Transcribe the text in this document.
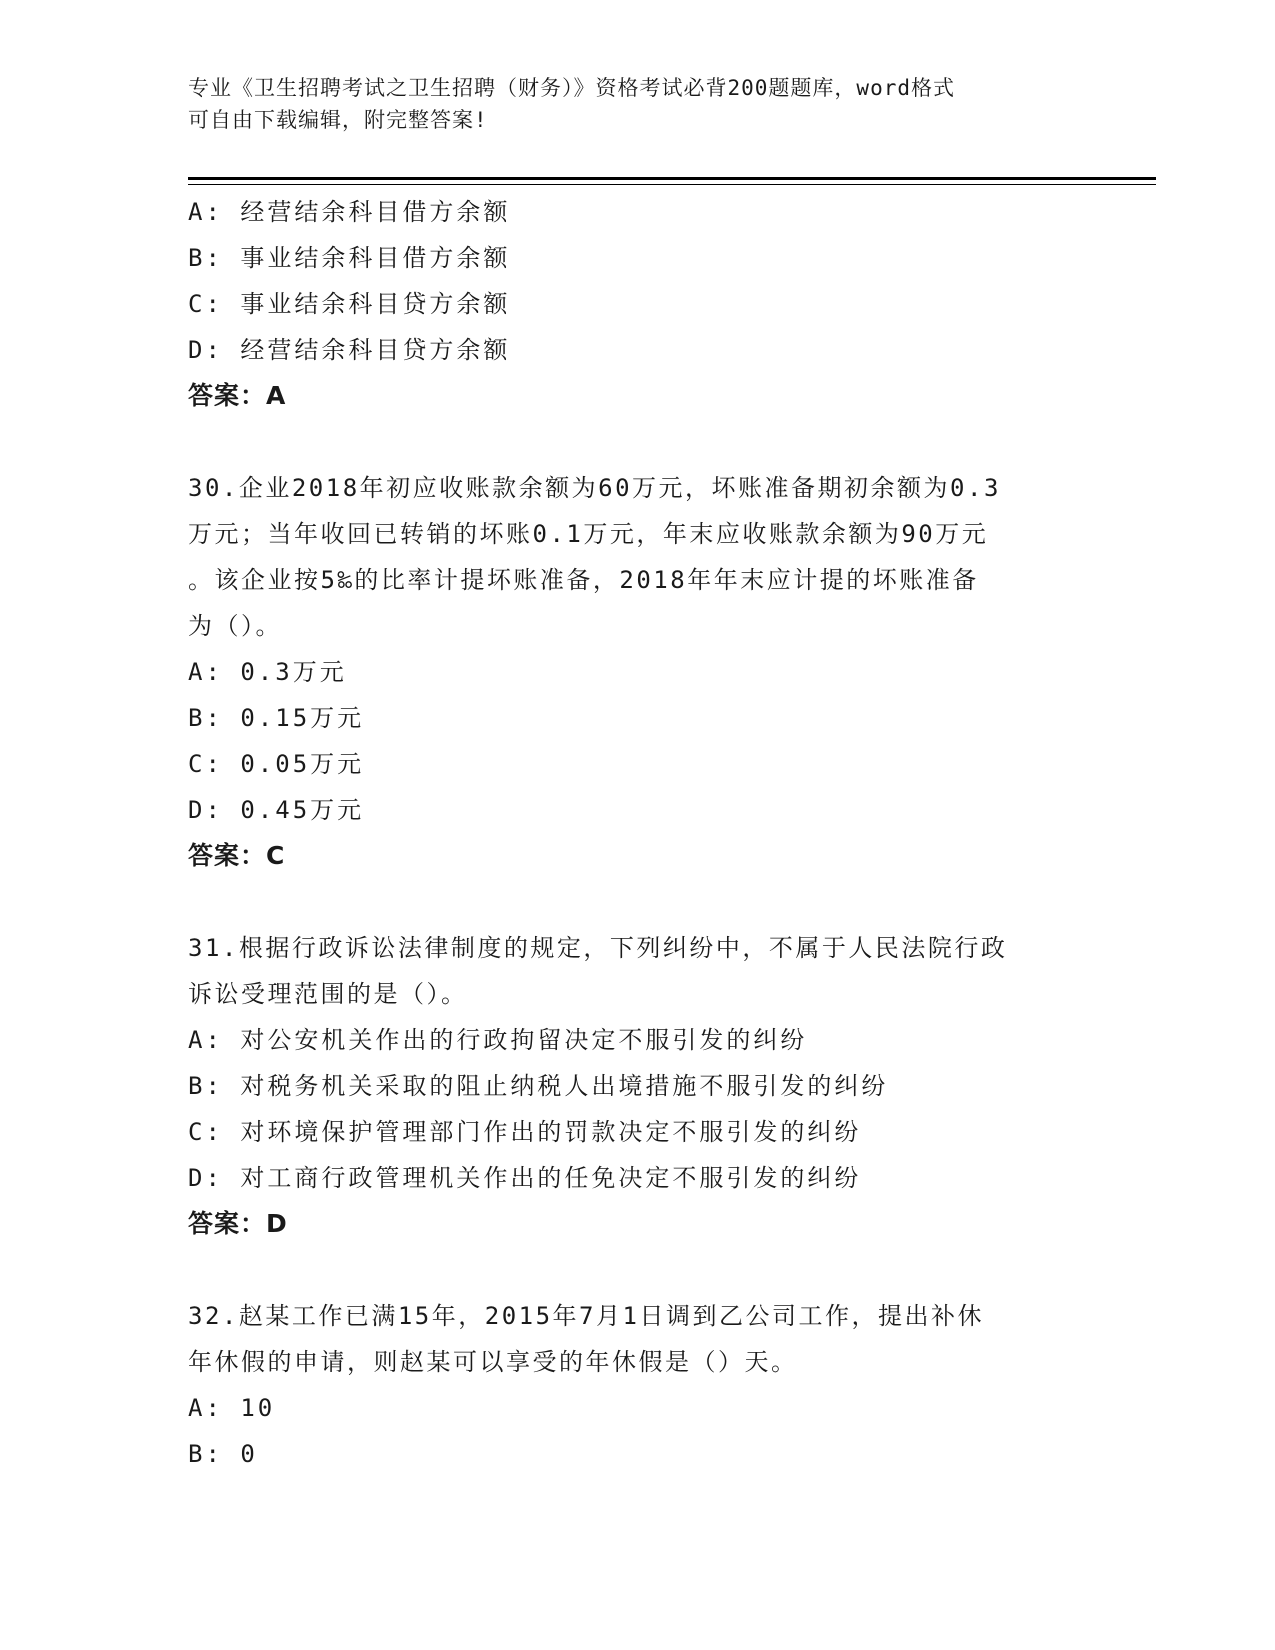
专业《卫生招聘考试之卫生招聘（财务）》资格考试必背200题题库，word格式
可自由下载编辑，附完整答案!
A: 经营结余科目借方余额
B: 事业结余科目借方余额
C: 事业结余科目贷方余额
D: 经营结余科目贷方余额
答案：A
30.企业2018年初应收账款余额为60万元，坏账准备期初余额为0.3
万元；当年收回已转销的坏账0.1万元，年末应收账款余额为90万元
。该企业按5‰的比率计提坏账准备，2018年年末应计提的坏账准备
为（）。
A: 0.3万元
B: 0.15万元
C: 0.05万元
D: 0.45万元
答案：C
31.根据行政诉讼法律制度的规定，下列纠纷中，不属于人民法院行政
诉讼受理范围的是（）。
A: 对公安机关作出的行政拘留决定不服引发的纠纷
B: 对税务机关采取的阻止纳税人出境措施不服引发的纠纷
C: 对环境保护管理部门作出的罚款决定不服引发的纠纷
D: 对工商行政管理机关作出的任免决定不服引发的纠纷
答案：D
32.赵某工作已满15年，2015年7月1日调到乙公司工作，提出补休
年休假的申请，则赵某可以享受的年休假是（）天。
A: 10
B: 0
